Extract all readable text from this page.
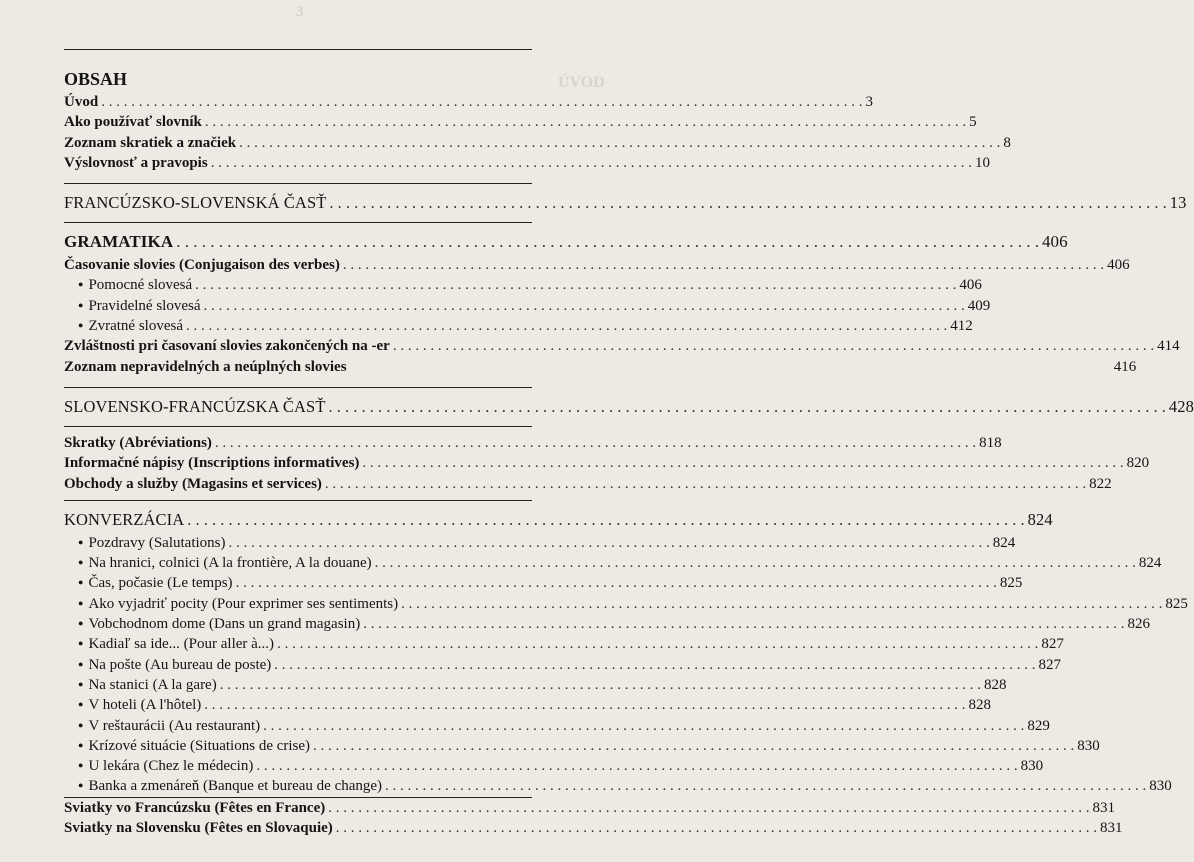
3
ÚVOD
OBSAH
Úvod . . .	3
Ako používať slovník . . .	5
Zoznam skratiek a značiek . . .	8
Výslovnosť a pravopis . . .	10
FRANCÚZSKO-SLOVENSKÁ ČASŤ . . .	13
GRAMATIKA . . .	406
Časovanie slovies (Conjugaison des verbes) . . .	406
● Pomocné slovesá . . .	406
● Pravidelné slovesá . . .	409
● Zvratné slovesá . . .	412
Zvláštnosti pri časovaní slovies zakončených na -er . . .	414
Zoznam nepravidelných a neúplných slovies	416
SLOVENSKO-FRANCÚZSKA ČASŤ . . .	428
Skratky (Abréviations) . . .	818
Informačné nápisy (Inscriptions informatives) . . .	820
Obchody a služby (Magasins et services) . . .	822
KONVERZÁCIA . . .	824
● Pozdravy (Salutations) . . .	824
● Na hranici, colnici (A la frontière, A la douane) . . .	824
● Čas, počasie (Le temps) . . .	825
● Ako vyjadriť pocity (Pour exprimer ses sentiments) . . .	825
● Vobchodnom dome (Dans un grand magasin) . . .	826
● Kadiaľ sa ide... (Pour aller à...) . . .	827
● Na pošte (Au bureau de poste) . . .	827
● Na stanici (A la gare) . . .	828
● V hoteli (A l'hôtel) . . .	828
● V reštaurácii (Au restaurant) . . .	829
● Krízové situácie (Situations de crise) . . .	830
● U lekára (Chez le médecin) . . .	830
● Banka a zmenáreň (Banque et bureau de change) . . .	830
Sviatky vo Francúzsku (Fêtes en France) . . .	831
Sviatky na Slovensku (Fêtes en Slovaquie) . . .	831
